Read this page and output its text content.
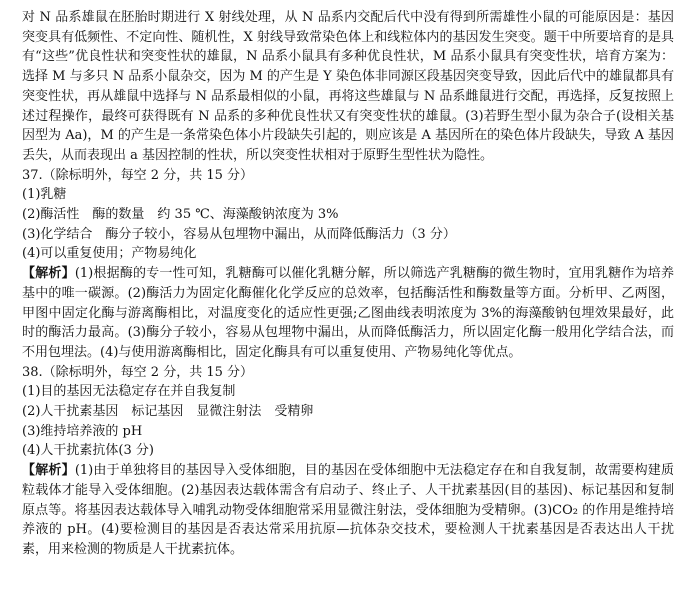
对 N 品系雄鼠在胚胎时期进行 X 射线处理，从 N 品系内交配后代中没有得到所需雄性小鼠的可能原因是：基因突变具有低频性、不定向性、随机性，X 射线导致常染色体上和线粒体内的基因发生突变。题干中所要培育的是具有“这些”优良性状和突变性状的雄鼠，N 品系小鼠具有多种优良性状，M 品系小鼠具有突变性状，培育方案为：选择 M 与多只 N 品系小鼠杂交，因为 M 的产生是 Y 染色体非同源区段基因突变导致，因此后代中的雄鼠都具有突变性状，再从雄鼠中选择与 N 品系最相似的小鼠，再将这些雄鼠与 N 品系雌鼠进行交配，再选择，反复按照上述过程操作，最终可获得既有 N 品系的多种优良性状又有突变性状的雄鼠。(3)若野生型小鼠为杂合子(设相关基因型为 Aa)，M 的产生是一条常染色体小片段缺失引起的，则应该是 A 基因所在的染色体片段缺失，导致 A 基因丢失，从而表现出 a 基因控制的性状，所以突变性状相对于原野生型性状为隐性。

37.（除标明外，每空 2 分，共 15 分）
(1)乳糖
(2)酶活性　酶的数量　约 35 ℃、海藻酸钠浓度为 3%
(3)化学结合　酶分子较小，容易从包埋物中漏出，从而降低酶活力（3 分）
(4)可以重复使用；产物易纯化

【解析】(1)根据酶的专一性可知，乳糖酶可以催化乳糖分解，所以筛选产乳糖酶的微生物时，宜用乳糖作为培养基中的唯一碳源。(2)酶活力为固定化酶催化化学反应的总效率，包括酶活性和酶数量等方面。分析甲、乙两图，甲图中固定化酶与游离酶相比，对温度变化的适应性更强;乙图曲线表明浓度为 3%的海藻酸钠包埋效果最好，此时的酶活力最高。(3)酶分子较小，容易从包埋物中漏出，从而降低酶活力，所以固定化酶一般用化学结合法，而不用包埋法。(4)与使用游离酶相比，固定化酶具有可以重复使用、产物易纯化等优点。

38.（除标明外，每空 2 分，共 15 分）
(1)目的基因无法稳定存在并自我复制
(2)人干扰素基因　标记基因　显微注射法　受精卵
(3)维持培养液的 pH
(4)人干扰素抗体(3 分)

【解析】(1)由于单独将目的基因导入受体细胞，目的基因在受体细胞中无法稳定存在和自我复制，故需要构建质粒载体才能导入受体细胞。(2)基因表达载体需含有启动子、终止子、人干扰素基因(目的基因)、标记基因和复制原点等。将基因表达载体导入哺乳动物受体细胞常采用显微注射法，受体细胞为受精卵。(3)CO₂ 的作用是维持培养液的 pH。(4)要检测目的基因是否表达常采用抗原—抗体杂交技术，要检测人干扰素基因是否表达出人干扰素，用来检测的物质是人干扰素抗体。
